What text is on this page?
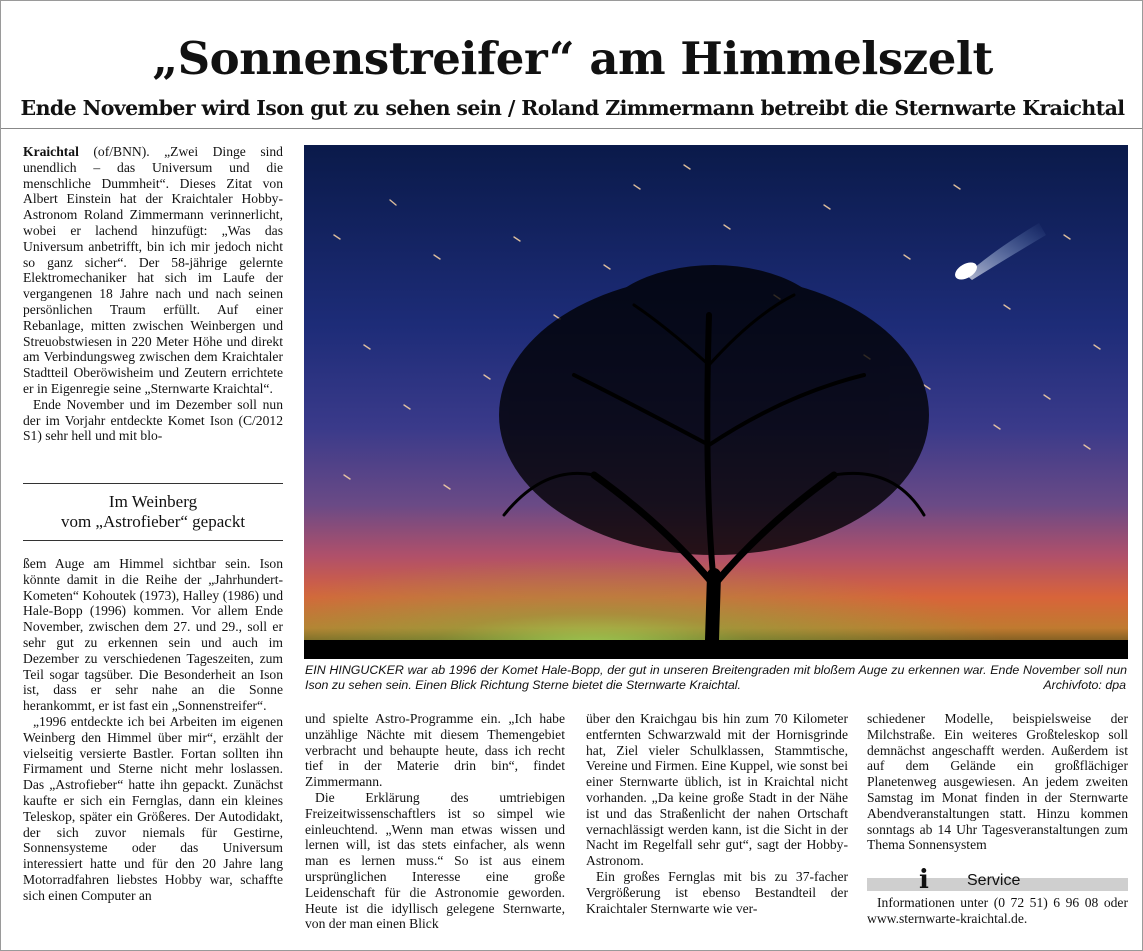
„Sonnenstreifer“ am Himmelszelt
Ende November wird Ison gut zu sehen sein / Roland Zimmermann betreibt die Sternwarte Kraichtal

Kraichtal (of/BNN). „Zwei Dinge sind unendlich – das Universum und die menschliche Dummheit“. Dieses Zitat von Albert Einstein hat der Kraichtaler Hobby-Astronom Roland Zimmermann verinnerlicht, wobei er lachend hinzufügt: „Was das Universum anbetrifft, bin ich mir jedoch nicht so ganz sicher“. Der 58-jährige gelernte Elektromechaniker hat sich im Laufe der vergangenen 18 Jahre nach und nach seinen persönlichen Traum erfüllt. Auf einer Rebanlage, mitten zwischen Weinbergen und Streuobstwiesen in 220 Meter Höhe und direkt am Verbindungsweg zwischen dem Kraichtaler Stadtteil Oberöwisheim und Zeutern errichtete er in Eigenregie seine „Sternwarte Kraichtal“.

Ende November und im Dezember soll nun der im Vorjahr entdeckte Komet Ison (C/2012 S1) sehr hell und mit blo-

Im Weinberg
vom „Astrofieber“ gepackt

ßem Auge am Himmel sichtbar sein. Ison könnte damit in die Reihe der „Jahrhundert-Kometen“ Kohoutek (1973), Halley (1986) und Hale-Bopp (1996) kommen. Vor allem Ende November, zwischen dem 27. und 29., soll er sehr gut zu erkennen sein und auch im Dezember zu verschiedenen Tageszeiten, zum Teil sogar tagsüber. Die Besonderheit an Ison ist, dass er sehr nahe an die Sonne herankommt, er ist fast ein „Sonnenstreifer“.

„1996 entdeckte ich bei Arbeiten im eigenen Weinberg den Himmel über mir“, erzählt der vielseitig versierte Bastler. Fortan sollten ihn Firmament und Sterne nicht mehr loslassen. Das „Astrofieber“ hatte ihn gepackt. Zunächst kaufte er sich ein Fernglas, dann ein kleines Teleskop, später ein Größeres. Der Autodidakt, der sich zuvor niemals für Gestirne, Sonnensysteme oder das Universum interessiert hatte und für den 20 Jahre lang Motorradfahren liebstes Hobby war, schaffte sich einen Computer an

EIN HINGUCKER war ab 1996 der Komet Hale-Bopp, der gut in unseren Breitengraden mit bloßem Auge zu erkennen war. Ende November soll nun Ison zu sehen sein. Einen Blick Richtung Sterne bietet die Sternwarte Kraichtal.	Archivfoto: dpa

und spielte Astro-Programme ein. „Ich habe unzählige Nächte mit diesem Themengebiet verbracht und behaupte heute, dass ich recht tief in der Materie drin bin“, findet Zimmermann.

Die Erklärung des umtriebigen Freizeitwissenschaftlers ist so simpel wie einleuchtend. „Wenn man etwas wissen und lernen will, ist das stets einfacher, als wenn man es lernen muss.“ So ist aus einem ursprünglichen Interesse eine große Leidenschaft für die Astronomie geworden. Heute ist die idyllisch gelegene Sternwarte, von der man einen Blick

über den Kraichgau bis hin zum 70 Kilometer entfernten Schwarzwald mit der Hornisgrinde hat, Ziel vieler Schulklassen, Stammtische, Vereine und Firmen. Eine Kuppel, wie sonst bei einer Sternwarte üblich, ist in Kraichtal nicht vorhanden. „Da keine große Stadt in der Nähe ist und das Straßenlicht der nahen Ortschaft vernachlässigt werden kann, ist die Sicht in der Nacht im Regelfall sehr gut“, sagt der Hobby-Astronom.

Ein großes Fernglas mit bis zu 37-facher Vergrößerung ist ebenso Bestandteil der Kraichtaler Sternwarte wie ver-

schiedener Modelle, beispielsweise der Milchstraße. Ein weiteres Großteleskop soll demnächst angeschafft werden. Außerdem ist auf dem Gelände ein großflächiger Planetenweg ausgewiesen. An jedem zweiten Samstag im Monat finden in der Sternwarte Abendveranstaltungen statt. Hinzu kommen sonntags ab 14 Uhr Tagesveranstaltungen zum Thema Sonnensystem

i Service

Informationen unter (0 72 51) 6 96 08 oder www.sternwarte-kraichtal.de.
